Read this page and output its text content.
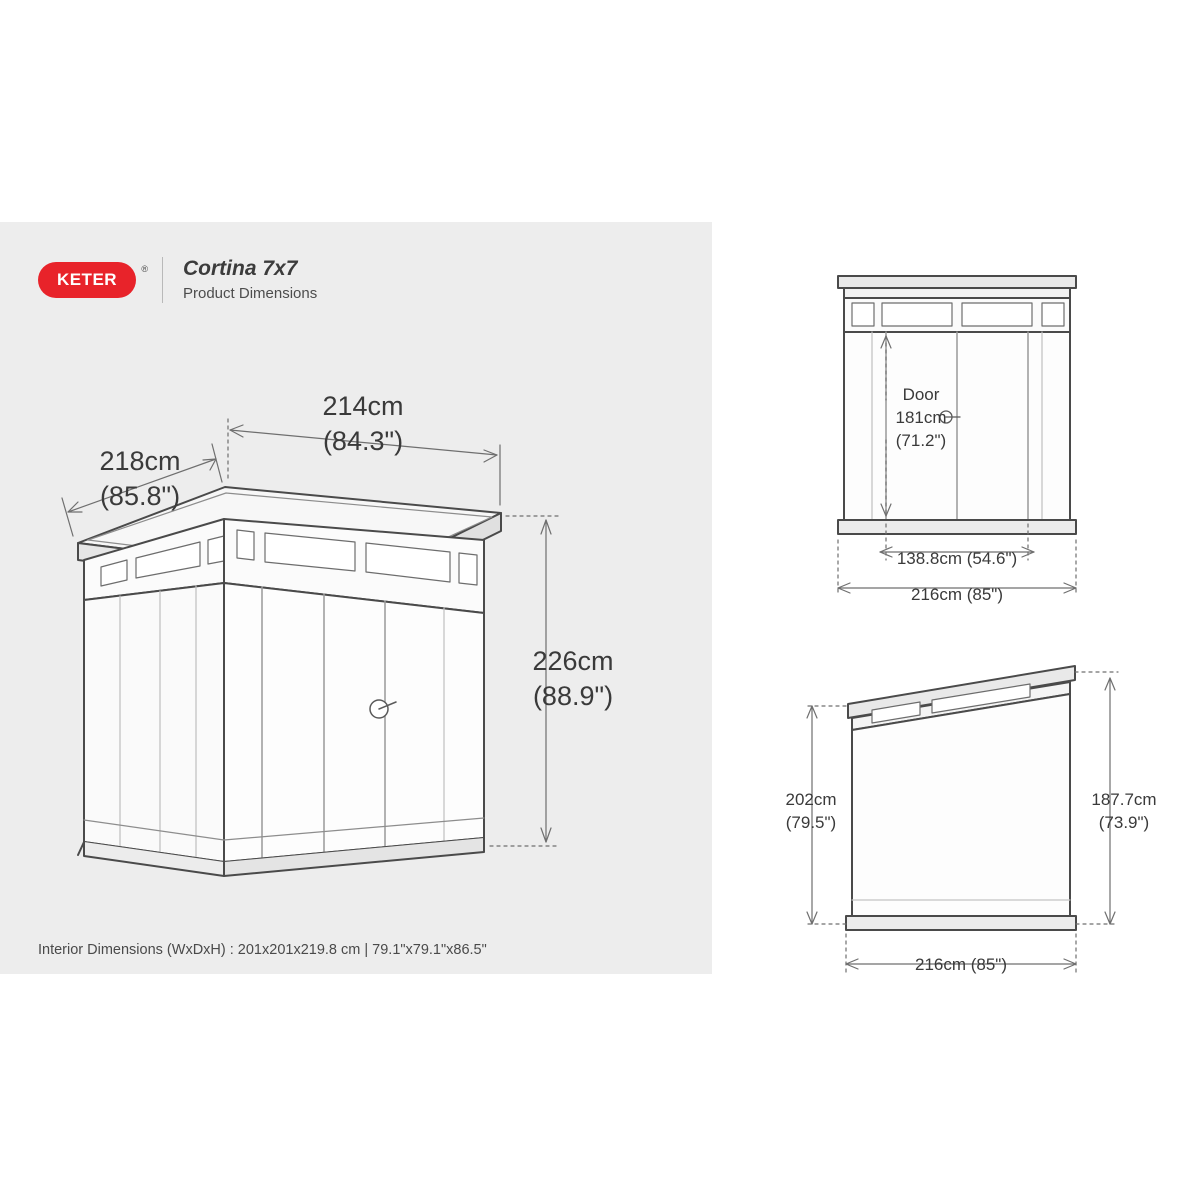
KETER
® Cortina 7x7
Product Dimensions
Interior Dimensions (WxDxH) : 201x201x219.8 cm | 79.1"x79.1"x86.5"
214cm
(84.3")
218cm
(85.8")
226cm
(88.9")
Door
181cm
(71.2")
138.8cm (54.6")
216cm (85")
202cm
(79.5")
187.7cm
(73.9")
216cm (85")
